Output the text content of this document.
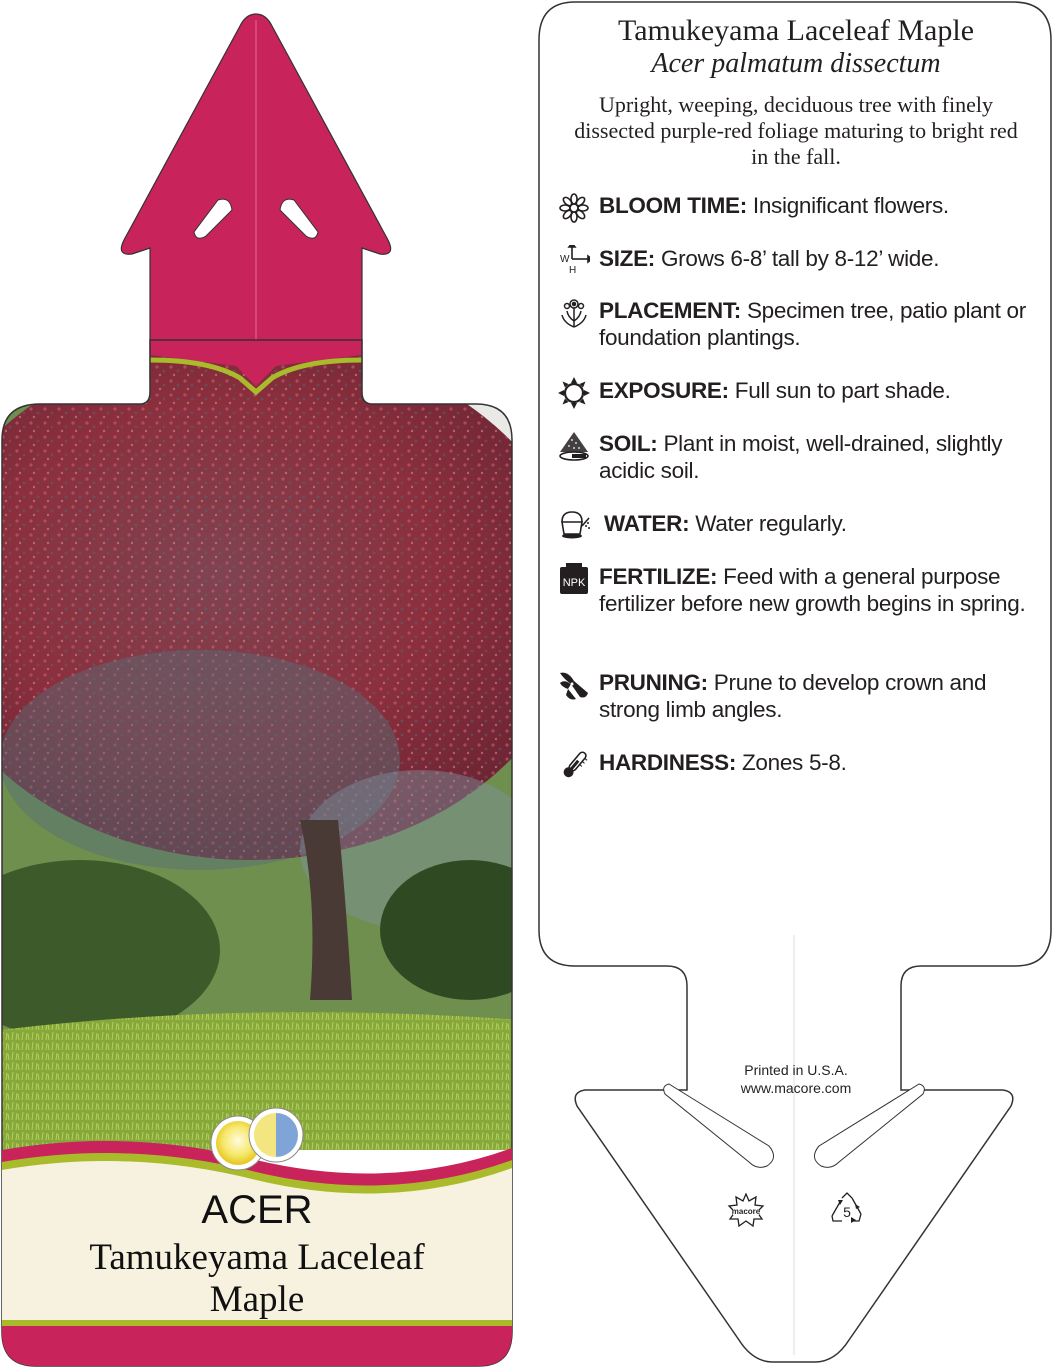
ACER
Tamukeyama Laceleaf
Maple
Tamukeyama Laceleaf Maple
Acer palmatum dissectum
Upright, weeping, deciduous tree with finely dissected purple-red foliage maturing to bright red in the fall.
BLOOM TIME: Insignificant flowers.
W
H SIZE: Grows 6-8’ tall by 8-12’ wide.
PLACEMENT: Specimen tree, patio plant or foundation plantings.
EXPOSURE: Full sun to part shade.
SOIL: Plant in moist, well-drained, slightly acidic soil.
WATER: Water regularly.
NPK FERTILIZE: Feed with a general purpose fertilizer before new growth begins in spring.
PRUNING: Prune to develop crown and strong limb angles.
HARDINESS: Zones 5-8.
Printed in U.S.A.
www.macore.com
macore	5
